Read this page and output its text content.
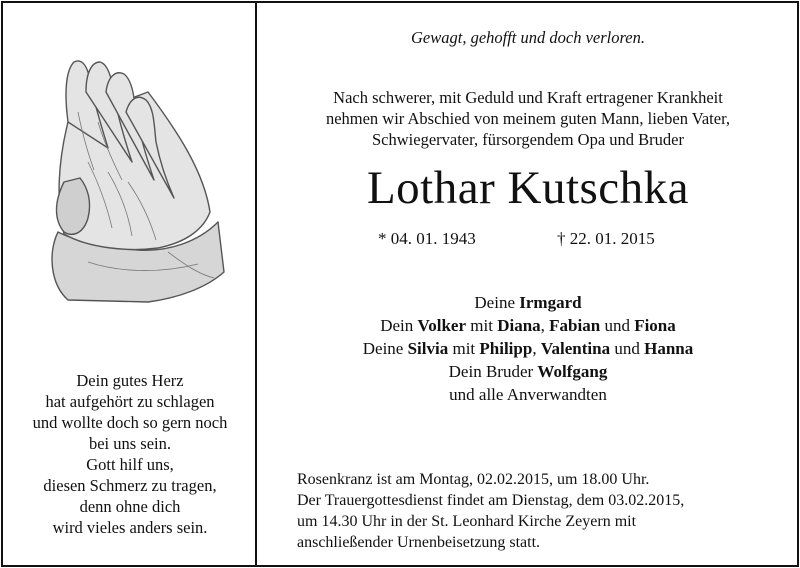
Dein gutes Herz
hat aufgehört zu schlagen
und wollte doch so gern noch
bei uns sein.
Gott hilf uns,
diesen Schmerz zu tragen,
denn ohne dich
wird vieles anders sein.
Gewagt, gehofft und doch verloren.
Nach schwerer, mit Geduld und Kraft ertragener Krankheit
nehmen wir Abschied von meinem guten Mann, lieben Vater,
Schwiegervater, fürsorgendem Opa und Bruder
Lothar Kutschka
* 04. 01. 1943	† 22. 01. 2015
Deine Irmgard
Dein Volker mit Diana, Fabian und Fiona
Deine Silvia mit Philipp, Valentina und Hanna
Dein Bruder Wolfgang
und alle Anverwandten
Rosenkranz ist am Montag, 02.02.2015, um 18.00 Uhr.
Der Trauergottesdienst findet am Dienstag, dem 03.02.2015,
um 14.30 Uhr in der St. Leonhard Kirche Zeyern mit
anschließender Urnenbeisetzung statt.
